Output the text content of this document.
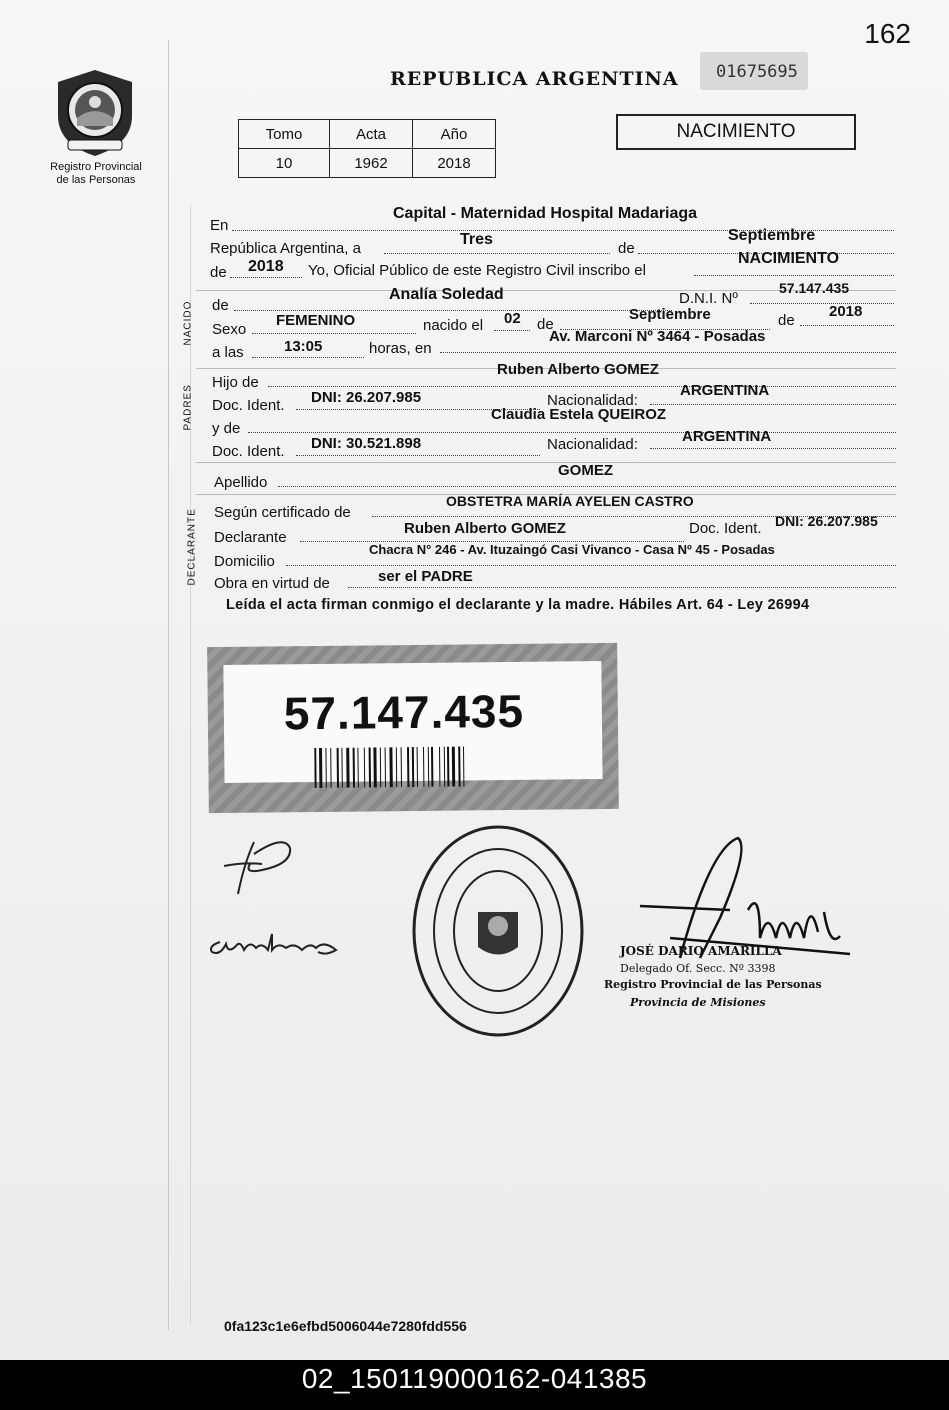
162
Registro Provincial
de las Personas
REPUBLICA ARGENTINA 01675695
Tomo	Acta	Año
10	1962	2018
NACIMIENTO
En
Capital - Maternidad Hospital Madariaga
República Argentina, a
Tres
de
Septiembre
de 2018 Yo, Oficial Público de este Registro Civil inscribo el
NACIMIENTO
NACIDO de
Analía Soledad	D.N.I. Nº
57.147.435
Sexo
FEMENINO	nacido el 02 de
Septiembre	de
2018
a las	13:05	horas, en
Av. Marconi Nº 3464 - Posadas
PADRES
Hijo de
Ruben Alberto GOMEZ
Doc. Ident. DNI: 26.207.985	Nacionalidad:
ARGENTINA
y de
Claudia Estela QUEIROZ
Doc. Ident. DNI: 30.521.898	Nacionalidad:	ARGENTINA
Apellido
GOMEZ
DECLARANTE Según certificado de
OBSTETRA MARÍA AYELEN CASTRO
Declarante
Ruben Alberto GOMEZ	Doc. Ident. DNI: 26.207.985
Domicilio
Chacra N° 246 - Av. Ituzaingó Casi Vivanco - Casa Nº 45 - Posadas
Obra en virtud de	ser el PADRE
Leída el acta firman conmigo el declarante y la madre. Hábiles Art. 64 - Ley 26994
57.147.435
JOSÉ DARIO AMARILLA
Delegado Of. Secc. Nº 3398
Registro Provincial de las Personas
Provincia de Misiones
0fa123c1e6efbd5006044e7280fdd556
02_150119000162-041385
